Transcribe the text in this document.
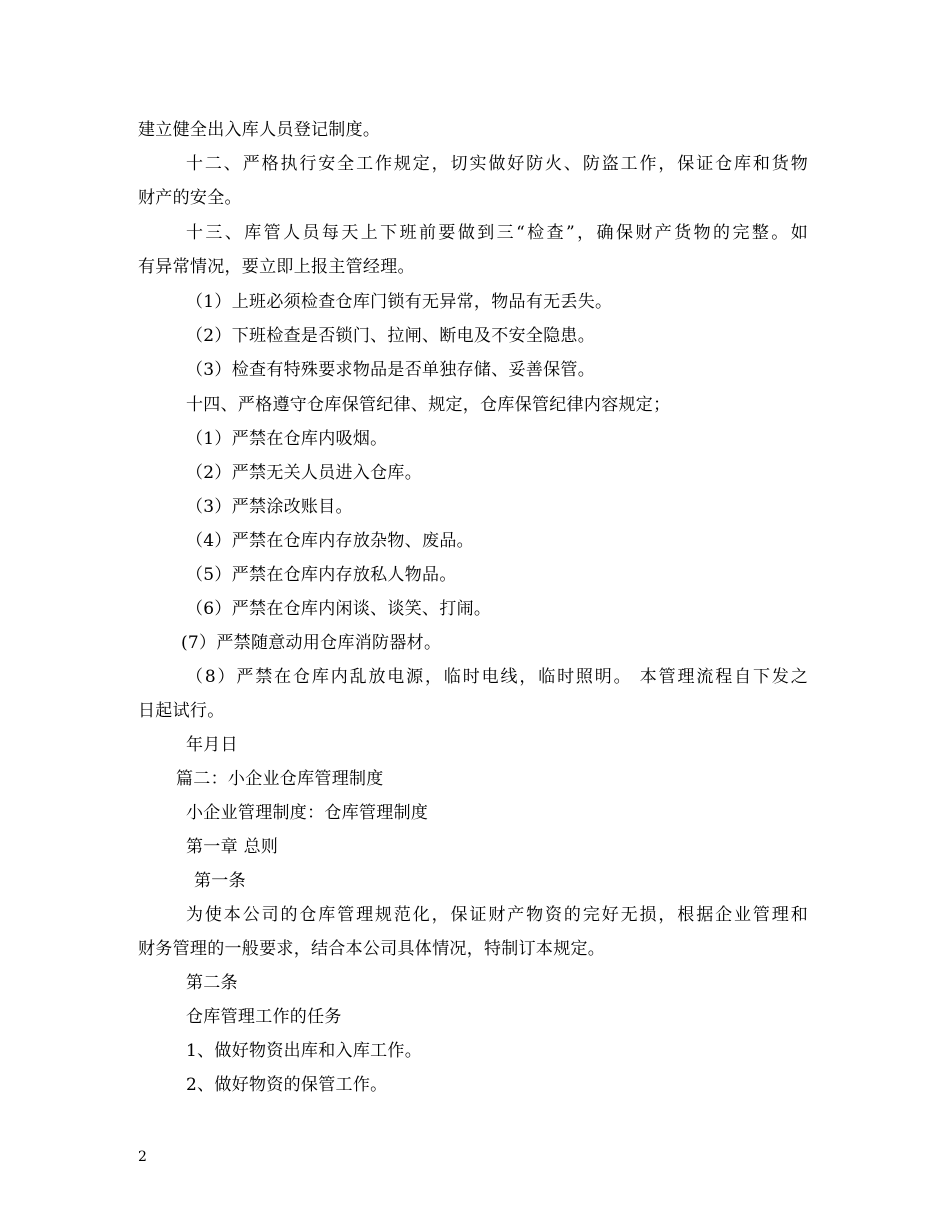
建立健全出入库人员登记制度。
十二、严格执行安全工作规定，切实做好防火、防盗工作，保证仓库和货物
财产的安全。
十三、库管人员每天上下班前要做到三“检查”，确保财产货物的完整。如
有异常情况，要立即上报主管经理。
（1）上班必须检查仓库门锁有无异常，物品有无丢失。
（2）下班检查是否锁门、拉闸、断电及不安全隐患。
（3）检查有特殊要求物品是否单独存储、妥善保管。
十四、严格遵守仓库保管纪律、规定，仓库保管纪律内容规定；
（1）严禁在仓库内吸烟。
（2）严禁无关人员进入仓库。
（3）严禁涂改账目。
（4）严禁在仓库内存放杂物、废品。
（5）严禁在仓库内存放私人物品。
（6）严禁在仓库内闲谈、谈笑、打闹。
(7）严禁随意动用仓库消防器材。
（8）严禁在仓库内乱放电源，临时电线，临时照明。 本管理流程自下发之
日起试行。
年月日
篇二：小企业仓库管理制度
小企业管理制度：仓库管理制度
第一章 总则
第一条
为使本公司的仓库管理规范化，保证财产物资的完好无损，根据企业管理和
财务管理的一般要求，结合本公司具体情况，特制订本规定。
第二条
仓库管理工作的任务
1、做好物资出库和入库工作。
2、做好物资的保管工作。
2
